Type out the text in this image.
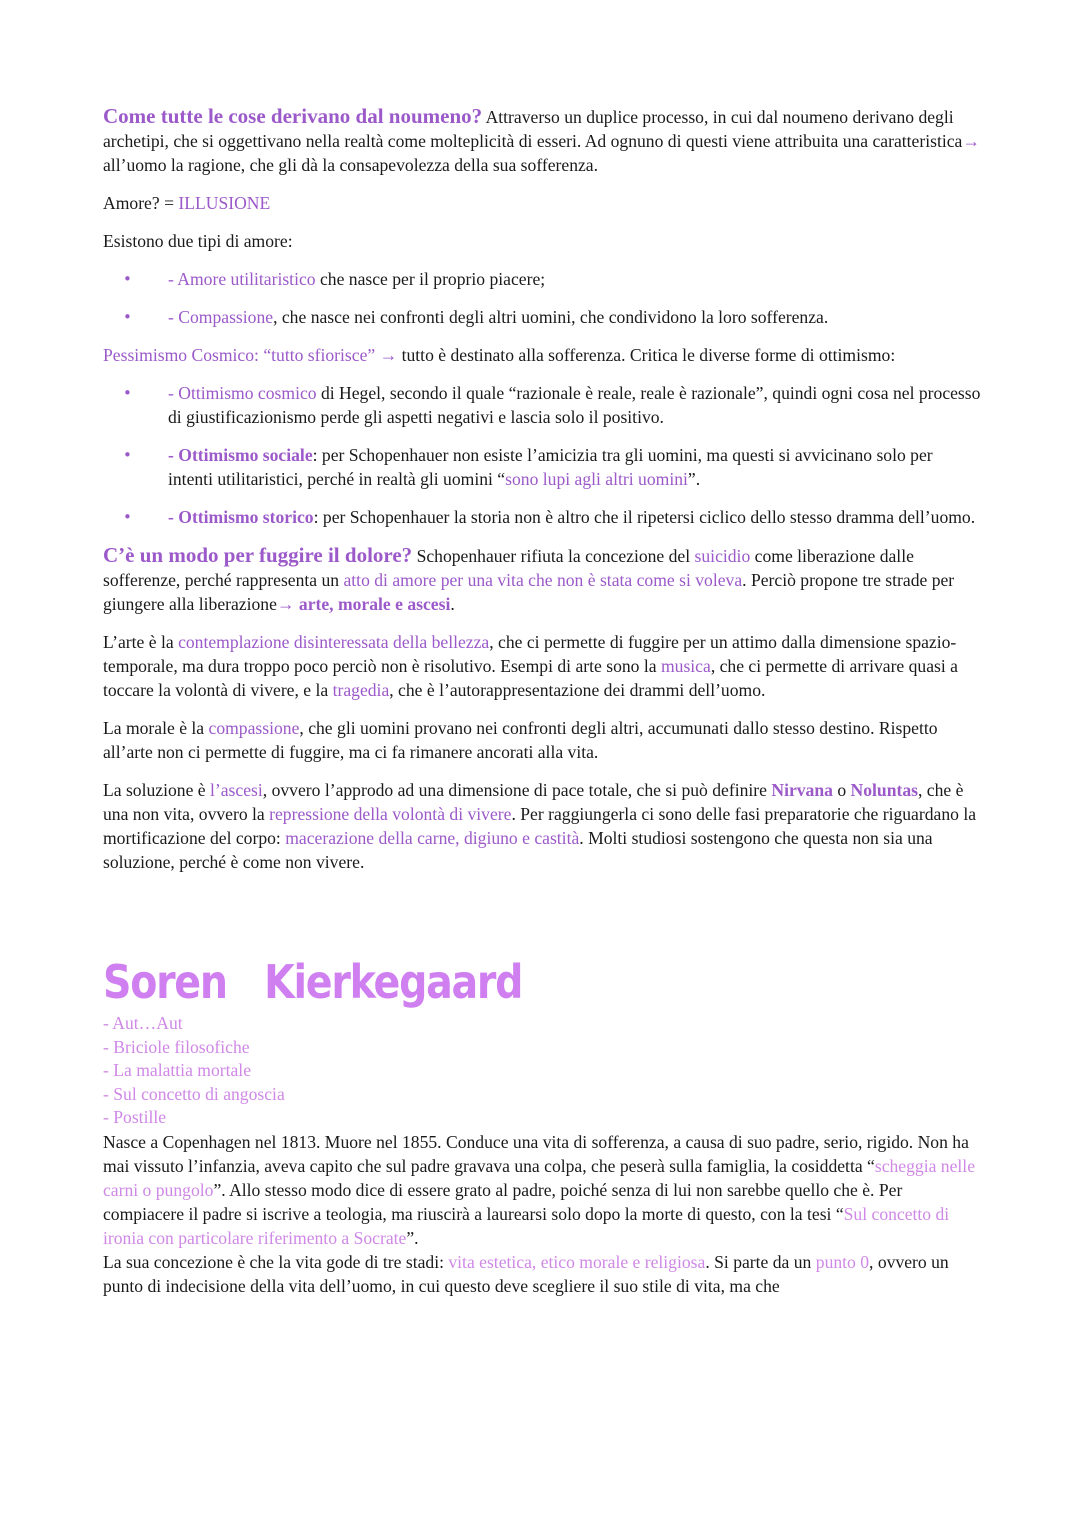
Come tutte le cose derivano dal noumeno? Attraverso un duplice processo, in cui dal noumeno derivano degli archetipi, che si oggettivano nella realtà come molteplicità di esseri. Ad ognuno di questi viene attribuita una caratteristica→ all’uomo la ragione, che gli dà la consapevolezza della sua sofferenza.

Amore? = ILLUSIONE

Esistono due tipi di amore:

• - Amore utilitaristico che nasce per il proprio piacere;
• - Compassione, che nasce nei confronti degli altri uomini, che condividono la loro sofferenza.

Pessimismo Cosmico: “tutto sfiorisce” → tutto è destinato alla sofferenza. Critica le diverse forme di ottimismo:

• - Ottimismo cosmico di Hegel, secondo il quale “razionale è reale, reale è razionale”, quindi ogni cosa nel processo di giustificazionismo perde gli aspetti negativi e lascia solo il positivo.
• - Ottimismo sociale: per Schopenhauer non esiste l’amicizia tra gli uomini, ma questi si avvicinano solo per intenti utilitaristici, perché in realtà gli uomini “sono lupi agli altri uomini”.
• - Ottimismo storico: per Schopenhauer la storia non è altro che il ripetersi ciclico dello stesso dramma dell’uomo.

C’è un modo per fuggire il dolore? Schopenhauer rifiuta la concezione del suicidio come liberazione dalle sofferenze, perché rappresenta un atto di amore per una vita che non è stata come si voleva. Perciò propone tre strade per giungere alla liberazione→ arte, morale e ascesi.

L’arte è la contemplazione disinteressata della bellezza, che ci permette di fuggire per un attimo dalla dimensione spazio-temporale, ma dura troppo poco perciò non è risolutivo. Esempi di arte sono la musica, che ci permette di arrivare quasi a toccare la volontà di vivere, e la tragedia, che è l’autorappresentazione dei drammi dell’uomo.

La morale è la compassione, che gli uomini provano nei confronti degli altri, accumunati dallo stesso destino. Rispetto all’arte non ci permette di fuggire, ma ci fa rimanere ancorati alla vita.

La soluzione è l’ascesi, ovvero l’approdo ad una dimensione di pace totale, che si può definire Nirvana o Noluntas, che è una non vita, ovvero la repressione della volontà di vivere. Per raggiungerla ci sono delle fasi preparatorie che riguardano la mortificazione del corpo: macerazione della carne, digiuno e castità. Molti studiosi sostengono che questa non sia una soluzione, perché è come non vivere.

Soren   Kierkegaard
- Aut…Aut
- Briciole filosofiche
- La malattia mortale
- Sul concetto di angoscia
- Postille

Nasce a Copenhagen nel 1813. Muore nel 1855. Conduce una vita di sofferenza, a causa di suo padre, serio, rigido. Non ha mai vissuto l’infanzia, aveva capito che sul padre gravava una colpa, che peserà sulla famiglia, la cosiddetta “scheggia nelle carni o pungolo”. Allo stesso modo dice di essere grato al padre, poiché senza di lui non sarebbe quello che è. Per compiacere il padre si iscrive a teologia, ma riuscirà a laurearsi solo dopo la morte di questo, con la tesi “Sul concetto di ironia con particolare riferimento a Socrate”.

La sua concezione è che la vita gode di tre stadi: vita estetica, etico morale e religiosa. Si parte da un punto 0, ovvero un punto di indecisione della vita dell’uomo, in cui questo deve scegliere il suo stile di vita, ma che
